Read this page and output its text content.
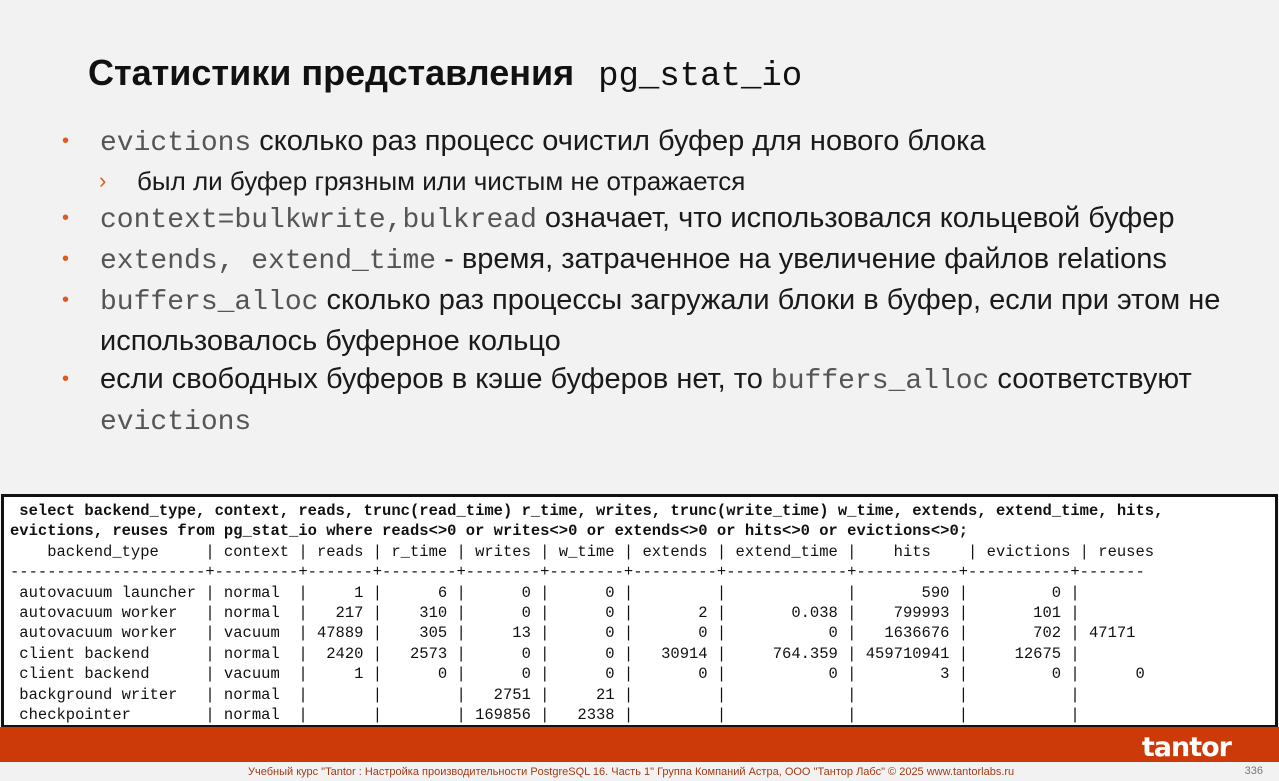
Статистики представления pg_stat_io
• evictions сколько раз процесс очистил буфер для нового блока
› был ли буфер грязным или чистым не отражается
• context=bulkwrite,bulkread означает, что использовался кольцевой буфер
• extends, extend_time - время, затраченное на увеличение файлов relations
• buffers_alloc сколько раз процессы загружали блоки в буфер, если при этом не использовалось буферное кольцо
• если свободных буферов в кэше буферов нет, то buffers_alloc соответствуют evictions
select backend_type, context, reads, trunc(read_time) r_time, writes, trunc(write_time) w_time, extends, extend_time, hits,
evictions, reuses from pg_stat_io where reads<>0 or writes<>0 or extends<>0 or hits<>0 or evictions<>0;
backend_type     | context | reads | r_time | writes | w_time | extends | extend_time |    hits    | evictions | reuses
---------------------+---------+-------+--------+--------+--------+---------+-------------+-----------+-----------+-------
autovacuum launcher | normal  |     1 |      6 |      0 |      0 |         |             |       590 |         0 |
autovacuum worker   | normal  |   217 |    310 |      0 |      0 |       2 |       0.038 |    799993 |       101 |
autovacuum worker   | vacuum  | 47889 |    305 |     13 |      0 |       0 |           0 |   1636676 |       702 | 47171
client backend      | normal  |  2420 |   2573 |      0 |      0 |   30914 |     764.359 | 459710941 |     12675 |
client backend      | vacuum  |     1 |      0 |      0 |      0 |       0 |           0 |         3 |         0 |      0
background writer   | normal  |       |        |   2751 |     21 |         |             |           |           |
checkpointer        | normal  |       |        | 169856 |   2338 |         |             |           |           |
tantor
Учебный курс "Tantor : Настройка производительности PostgreSQL 16. Часть 1" Группа Компаний Астра, ООО "Тантор Лабс" © 2025 www.tantorlabs.ru	336
